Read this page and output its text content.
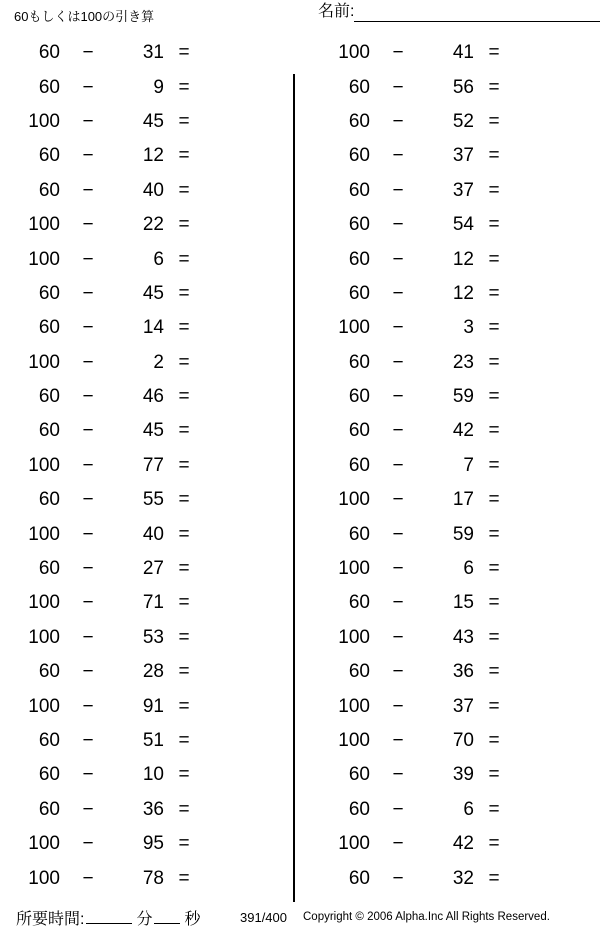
60もしくは100の引き算	名前:
60	−	31 =
60	−	9 =
100	−	45 =
60	−	12 =
60	−	40 =
100	−	22 =
100	−	6 =
60	−	45 =
60	−	14 =
100	−	2 =
60	−	46 =
60	−	45 =
100	−	77 =
60	−	55 =
100	−	40 =
60	−	27 =
100	−	71 =
100	−	53 =
60	−	28 =
100	−	91 =
60	−	51 =
60	−	10 =
60	−	36 =
100	−	95 =
100	−	78 =
100	−	41 =
60	−	56 =
60	−	52 =
60	−	37 =
60	−	37 =
60	−	54 =
60	−	12 =
60	−	12 =
100	−	3 =
60	−	23 =
60	−	59 =
60	−	42 =
60	−	7 =
100	−	17 =
60	−	59 =
100	−	6 =
60	−	15 =
100	−	43 =
60	−	36 =
100	−	37 =
100	−	70 =
60	−	39 =
60	−	6 =
100	−	42 =
60	−	32 =
所要時間:	分 秒	391/400 Copyright © 2006 Alpha.Inc All Rights Reserved.
